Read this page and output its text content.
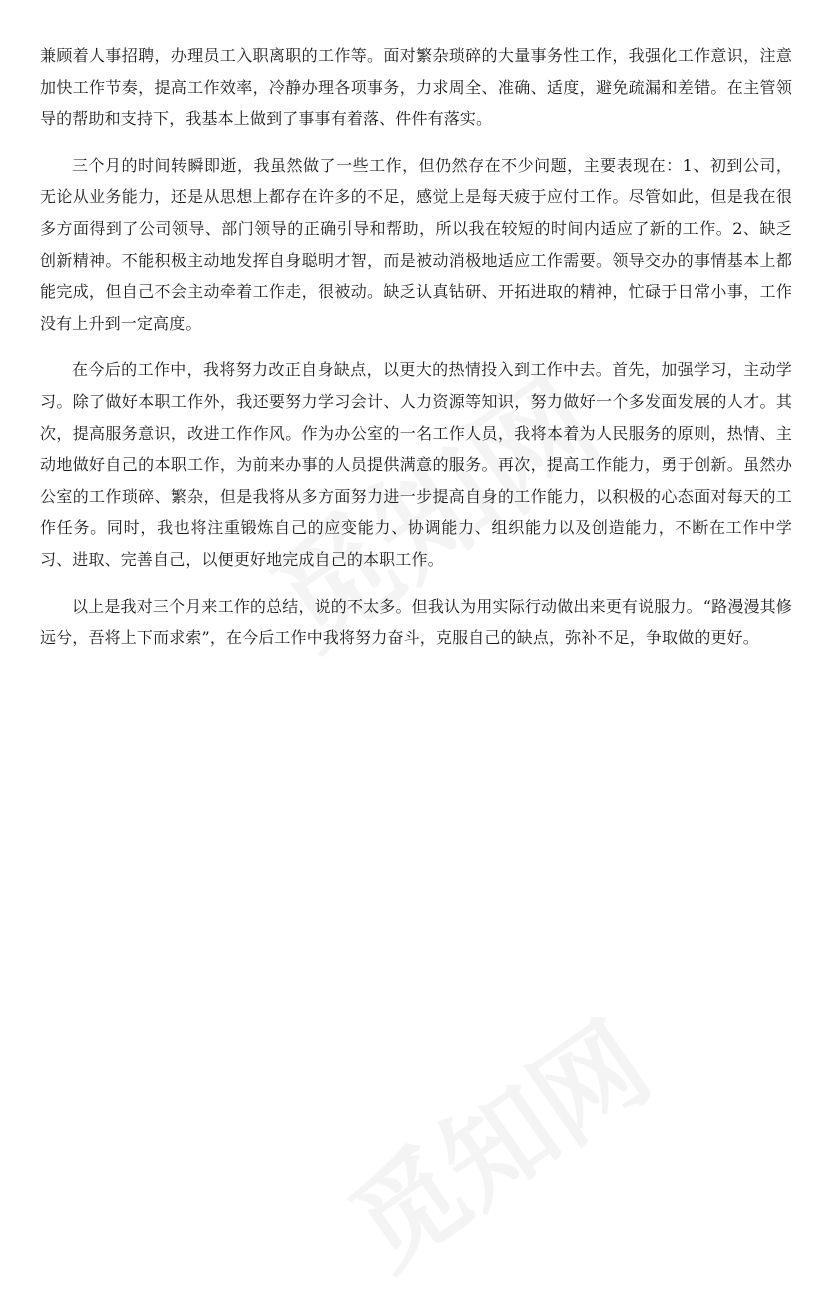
兼顾着人事招聘，办理员工入职离职的工作等。面对繁杂琐碎的大量事务性工作，我强化工作意识，注意加快工作节奏，提高工作效率，冷静办理各项事务，力求周全、准确、适度，避免疏漏和差错。在主管领导的帮助和支持下，我基本上做到了事事有着落、件件有落实。

三个月的时间转瞬即逝，我虽然做了一些工作，但仍然存在不少问题，主要表现在：1、初到公司，无论从业务能力，还是从思想上都存在许多的不足，感觉上是每天疲于应付工作。尽管如此，但是我在很多方面得到了公司领导、部门领导的正确引导和帮助，所以我在较短的时间内适应了新的工作。2、缺乏创新精神。不能积极主动地发挥自身聪明才智，而是被动消极地适应工作需要。领导交办的事情基本上都能完成，但自己不会主动牵着工作走，很被动。缺乏认真钻研、开拓进取的精神，忙碌于日常小事，工作没有上升到一定高度。

在今后的工作中，我将努力改正自身缺点，以更大的热情投入到工作中去。首先，加强学习，主动学习。除了做好本职工作外，我还要努力学习会计、人力资源等知识，努力做好一个多发面发展的人才。其次，提高服务意识，改进工作作风。作为办公室的一名工作人员，我将本着为人民服务的原则，热情、主动地做好自己的本职工作，为前来办事的人员提供满意的服务。再次，提高工作能力，勇于创新。虽然办公室的工作琐碎、繁杂，但是我将从多方面努力进一步提高自身的工作能力，以积极的心态面对每天的工作任务。同时，我也将注重锻炼自己的应变能力、协调能力、组织能力以及创造能力，不断在工作中学习、进取、完善自己，以便更好地完成自己的本职工作。

以上是我对三个月来工作的总结，说的不太多。但我认为用实际行动做出来更有说服力。“路漫漫其修远兮，吾将上下而求索”，在今后工作中我将努力奋斗，克服自己的缺点，弥补不足，争取做的更好。
